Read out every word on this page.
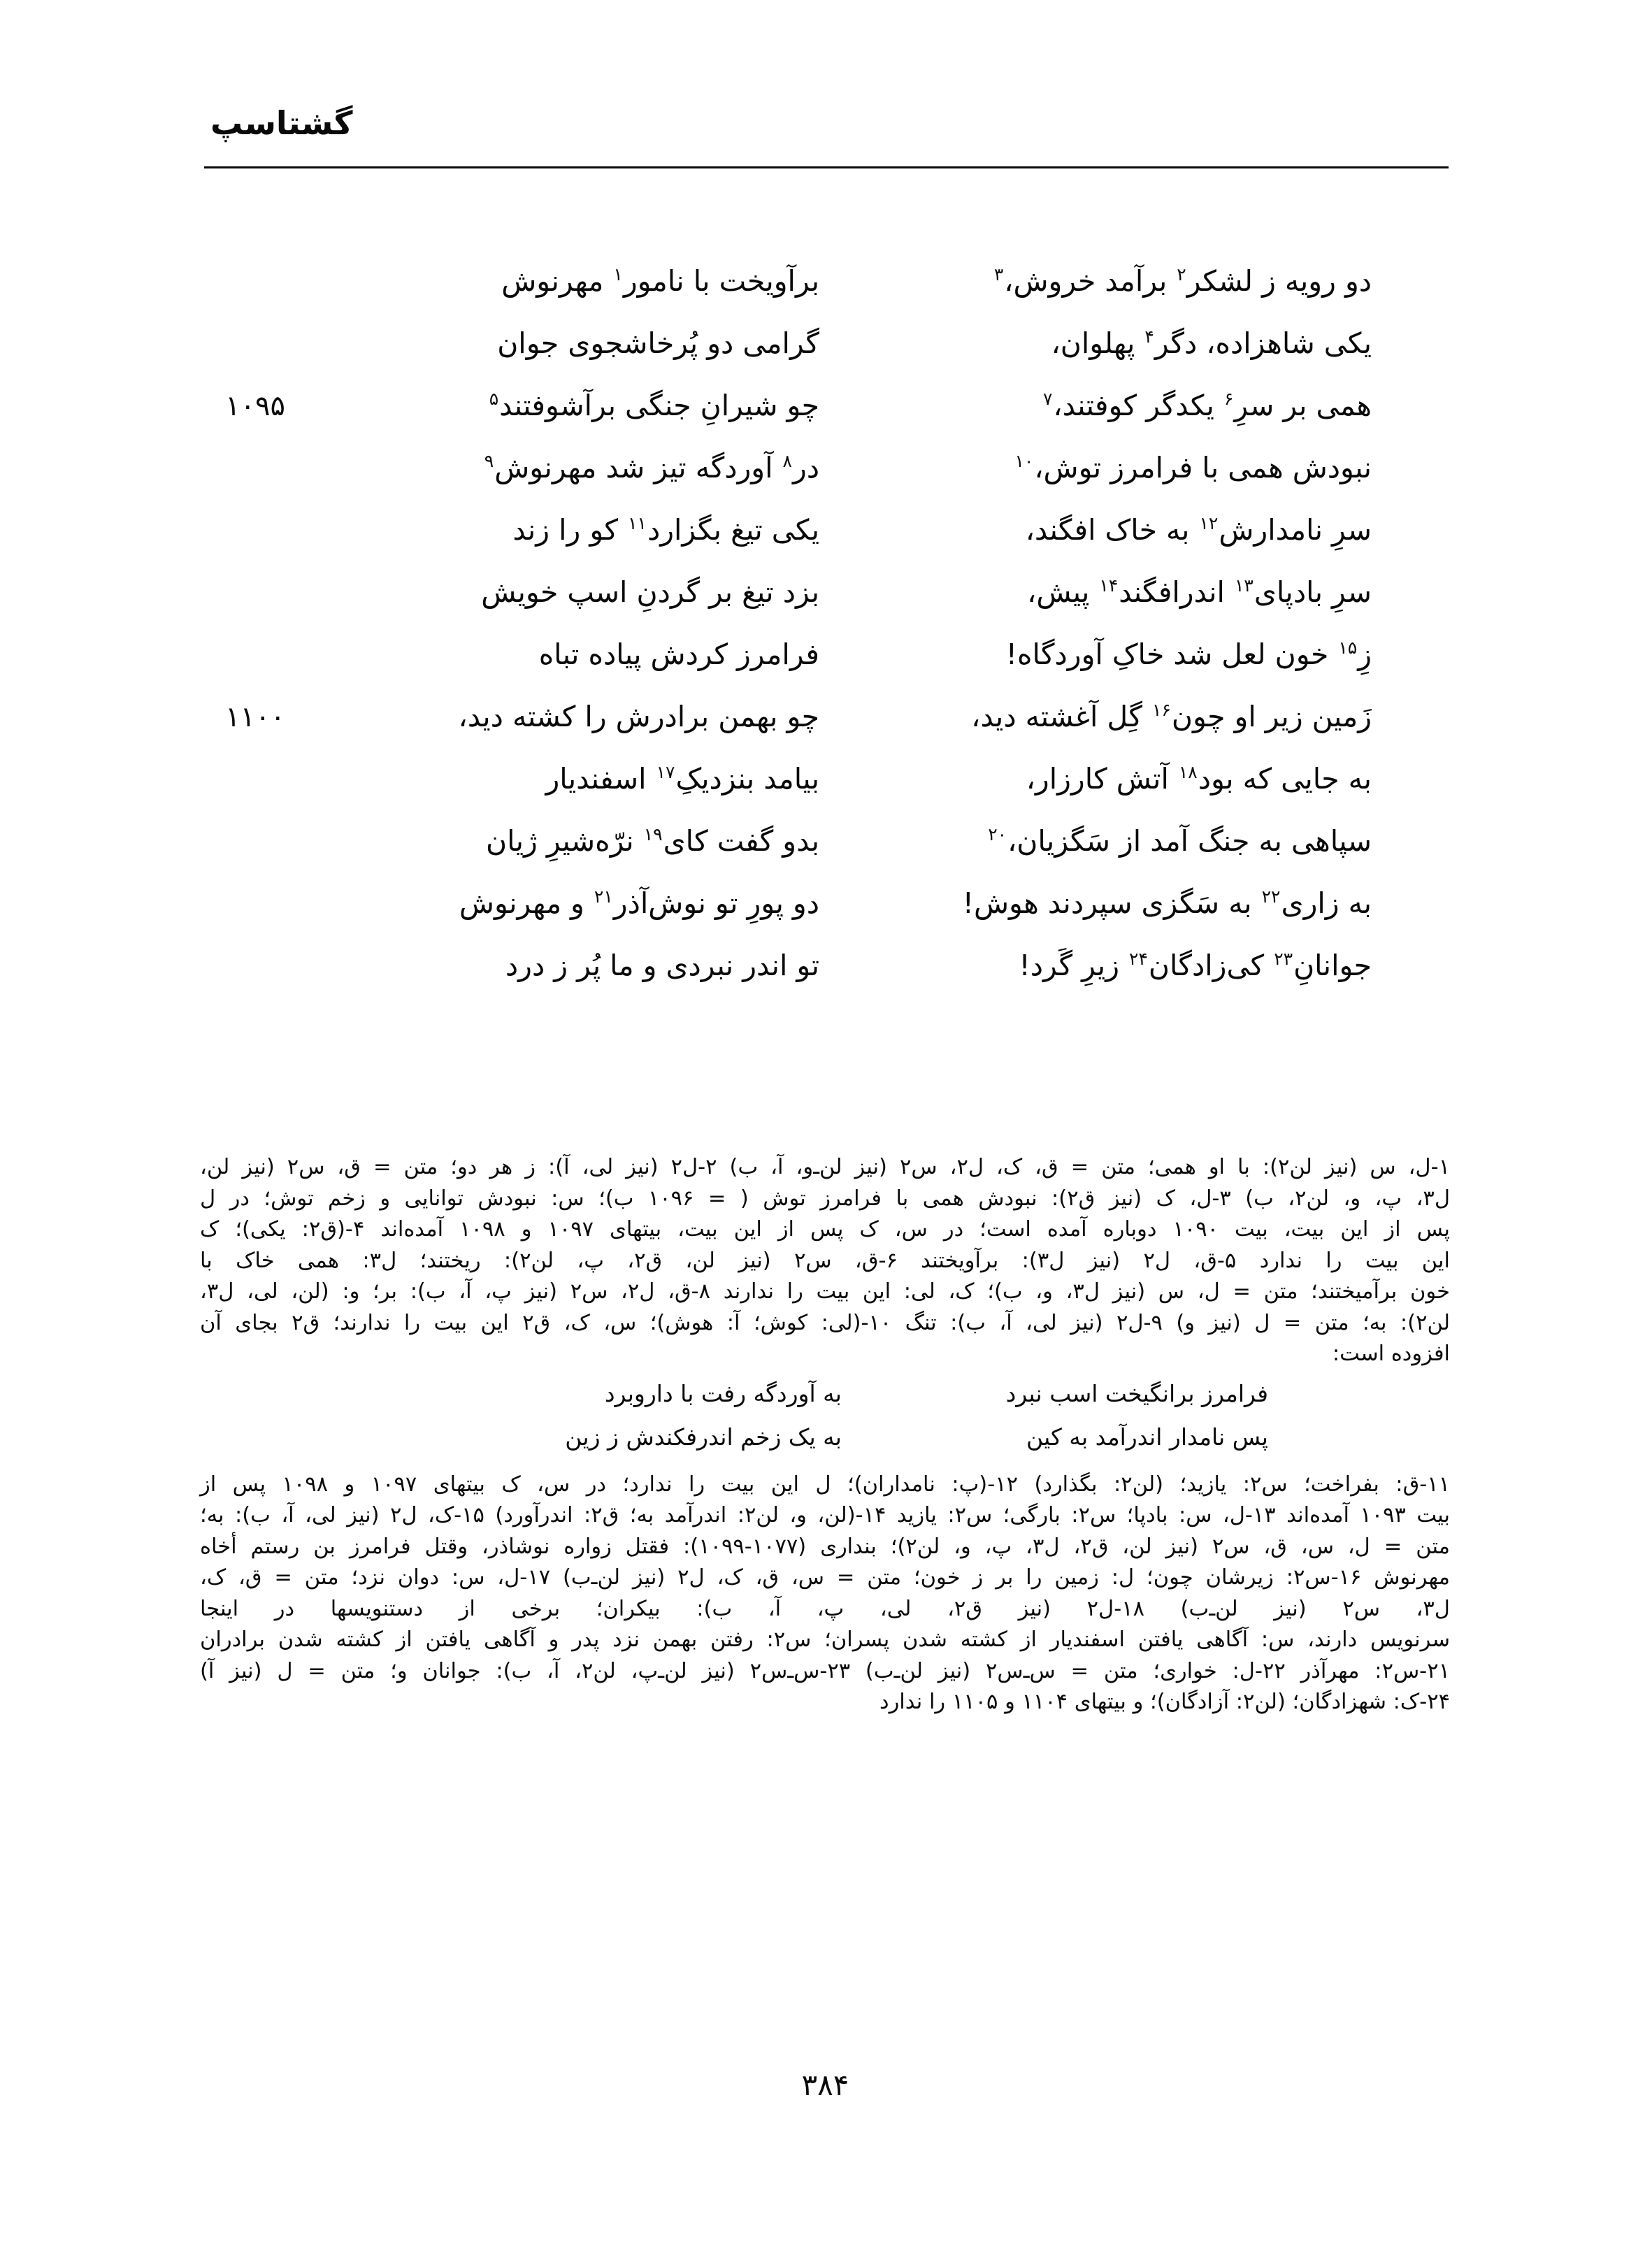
گشتاسپ
دو رویه ز لشکر$^۲$ برآمد خروش،$^۳$
برآویخت با نامور$^۱$ مهرنوش
یکی شاهزاده، دگر$^۴$ پهلوان،
گرامی دو پُرخاشجوی جوان
همی بر سرِ$^۶$ یکدگر کوفتند،$^۷$
چو شیرانِ جنگی برآشوفتند$^۵$
۱۰۹۵
نبودش همی با فرامرز توش،$^{۱۰}$
در$^۸$ آوردگه تیز شد مهرنوش$^۹$
سرِ نامدارش$^{۱۲}$ به خاک افگند،
یکی تیغ بگزارد$^{۱۱}$ کو را زند
سرِ بادپای$^{۱۳}$ اندرافگند$^{۱۴}$ پیش،
بزد تیغ بر گردنِ اسپ خویش
زِ$^{۱۵}$ خون لعل شد خاکِ آوردگاه!
فرامرز کردش پیاده تباه
زَمین زیر او چون$^{۱۶}$ گِل آغشته دید،
چو بهمن برادرش را کشته دید،
۱۱۰۰
به جایی که بود$^{۱۸}$ آتش کارزار،
بیامد بنزدیکِ$^{۱۷}$ اسفندیار
سپاهی به جنگ آمد از سَگزیان،$^{۲۰}$
بدو گفت کای$^{۱۹}$ نرّه‌شیرِ ژیان
به زاری$^{۲۲}$ به سَگزی سپردند هوش!
دو پورِ تو نوش‌آذر$^{۲۱}$ و مهرنوش
جوانانِ$^{۲۳}$ کی‌زادگان$^{۲۴}$ زیرِ گَرد!
تو اندر نبردی و ما پُر ز درد
۱-ل، س (نیز لن۲): با او همی؛ متن = ق، ک، ل۲، س۲ (نیز لن‌ـ‌و، آ، ب) ۲-ل۲ (نیز لی، آ): ز هر دو؛ متن = ق، س۲ (نیز لن،
ل۳، پ، و، لن۲، ب) ۳-ل، ک (نیز ق۲): نبودش همی با فرامرز توش ( = ۱۰۹۶ ب)؛ س: نبودش توانایی و زخم توش؛ در ل
پس از این بیت، بیت ۱۰۹۰ دوباره آمده است؛ در س، ک پس از این بیت، بیتهای ۱۰۹۷ و ۱۰۹۸ آمده‌اند ۴-(ق۲: یکی)؛ ک
این بیت را ندارد ۵-ق، ل۲ (نیز ل۳): برآویختند ۶-ق، س۲ (نیز لن، ق۲، پ، لن۲): ریختند؛ ل۳: همی خاک با
خون برآمیختند؛ متن = ل، س (نیز ل۳، و، ب)؛ ک، لی: این بیت را ندارند ۸-ق، ل۲، س۲ (نیز پ، آ، ب): بر؛ و: (لن، لی، ل۳،
لن۲): به؛ متن = ل (نیز و) ۹-ل۲ (نیز لی، آ، ب): تنگ ۱۰-(لی: کوش؛ آ: هوش)؛ س، ک، ق۲ این بیت را ندارند؛ ق۲ بجای آن
افزوده است:
فرامرز برانگیخت اسب نبرد
به آوردگه رفت با داروبرد
پس نامدار اندرآمد به کین
به یک زخم اندرفکندش ز زین
۱۱-ق: بفراخت؛ س۲: یازید؛ (لن۲: بگذارد) ۱۲-(پ: نامداران)؛ ل این بیت را ندارد؛ در س، ک بیتهای ۱۰۹۷ و ۱۰۹۸ پس از
بیت ۱۰۹۳ آمده‌اند ۱۳-ل، س: بادپا؛ س۲: بارگی؛ س۲: یازید ۱۴-(لن، و، لن۲: اندرآمد به؛ ق۲: اندرآورد) ۱۵-ک، ل۲ (نیز لی، آ، ب): به؛
متن = ل، س، ق، س۲ (نیز لن، ق۲، ل۳، پ، و، لن۲)؛ بنداری (۱۰۷۷-۱۰۹۹): فقتل زواره نوشاذر، وقتل فرامرز بن رستم أخاه
مهرنوش ۱۶-س۲: زیرشان چون؛ ل: زمین را بر ز خون؛ متن = س، ق، ک، ل۲ (نیز لن‌ـ‌ب) ۱۷-ل، س: دوان نزد؛ متن = ق، ک،
ل۳، س۲ (نیز لن‌ـ‌ب) ۱۸-ل۲ (نیز ق۲، لی، پ، آ، ب): بیکران؛ برخی از دستنویسها در اینجا
سرنویس دارند، س: آگاهی یافتن اسفندیار از کشته شدن پسران؛ س۲: رفتن بهمن نزد پدر و آگاهی یافتن از کشته شدن برادران
۲۱-س۲: مهرآذر ۲۲-ل: خواری؛ متن = س‌ـ‌س۲ (نیز لن‌ـ‌ب) ۲۳-س‌ـ‌س۲ (نیز لن‌ـ‌پ، لن۲، آ، ب): جوانان و؛ متن = ل (نیز آ)
۲۴-ک: شهزادگان؛ (لن۲: آزادگان)؛ و بیتهای ۱۱۰۴ و ۱۱۰۵ را ندارد
۳۸۴
